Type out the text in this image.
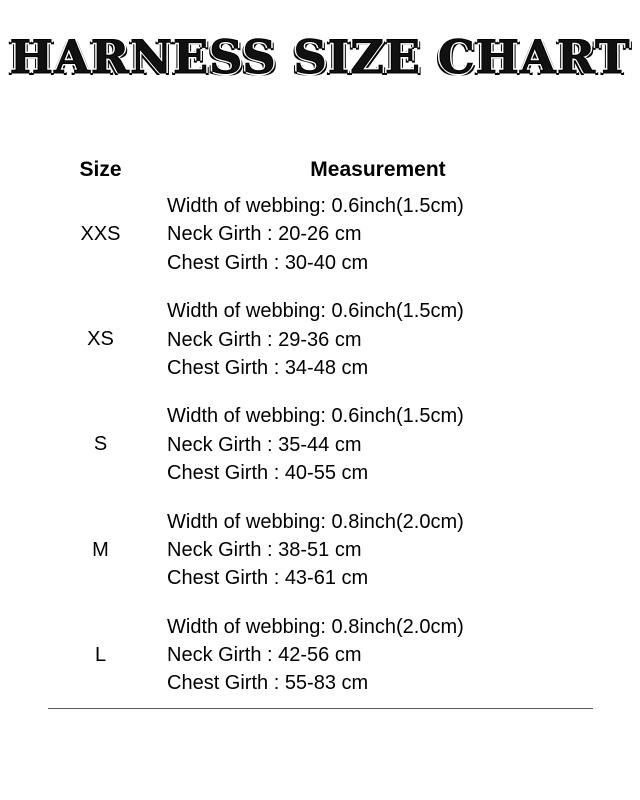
HARNESS SIZE CHART
Size	Measurement
XXS	Width of webbing: 0.6inch(1.5cm)
Neck Girth : 20-26 cm
Chest Girth : 30-40 cm

XS	Width of webbing: 0.6inch(1.5cm)
Neck Girth : 29-36 cm
Chest Girth : 34-48 cm

S	Width of webbing: 0.6inch(1.5cm)
Neck Girth : 35-44 cm
Chest Girth : 40-55 cm

M	Width of webbing: 0.8inch(2.0cm)
Neck Girth : 38-51 cm
Chest Girth : 43-61 cm

L	Width of webbing: 0.8inch(2.0cm)
Neck Girth : 42-56 cm
Chest Girth : 55-83 cm
